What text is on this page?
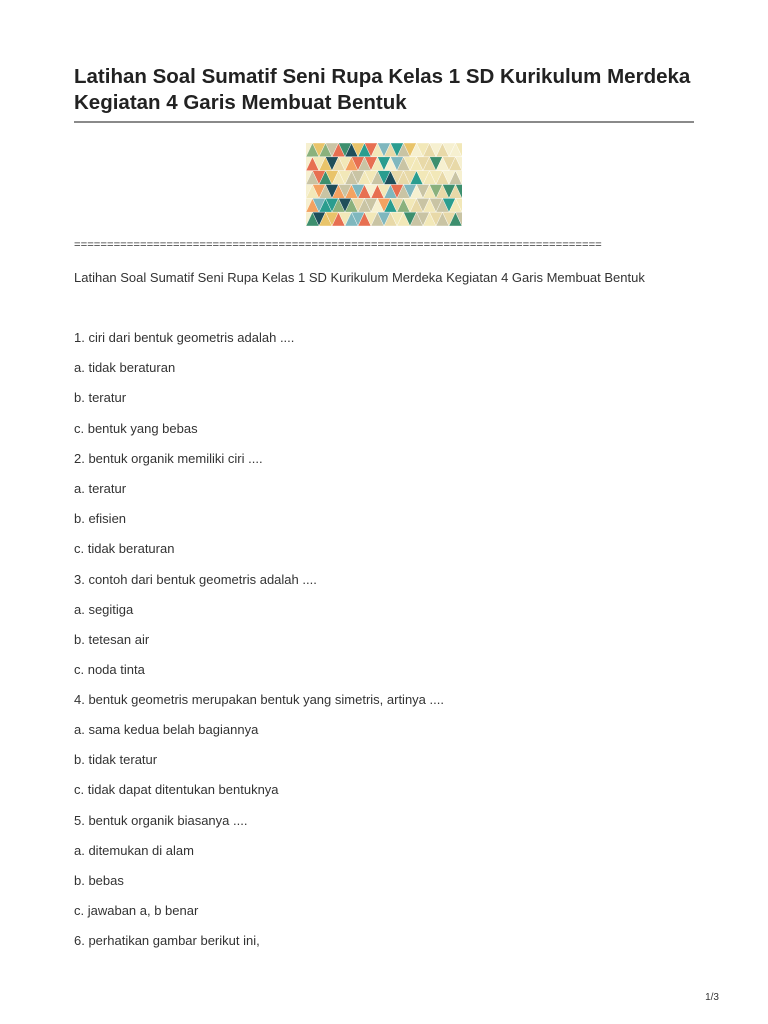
Latihan Soal Sumatif Seni Rupa Kelas 1 SD Kurikulum Merdeka Kegiatan 4 Garis Membuat Bentuk
================================================================================
Latihan Soal Sumatif Seni Rupa Kelas 1 SD Kurikulum Merdeka Kegiatan 4 Garis Membuat Bentuk
1. ciri dari bentuk geometris adalah ....
a. tidak beraturan
b. teratur
c. bentuk yang bebas
2. bentuk organik memiliki ciri ....
a. teratur
b. efisien
c. tidak beraturan
3. contoh dari bentuk geometris adalah ....
a. segitiga
b. tetesan air
c. noda tinta
4. bentuk geometris merupakan bentuk yang simetris, artinya ....
a. sama kedua belah bagiannya
b. tidak teratur
c. tidak dapat ditentukan bentuknya
5. bentuk organik biasanya ....
a. ditemukan di alam
b. bebas
c. jawaban a, b benar
6. perhatikan gambar berikut ini,
1/3
